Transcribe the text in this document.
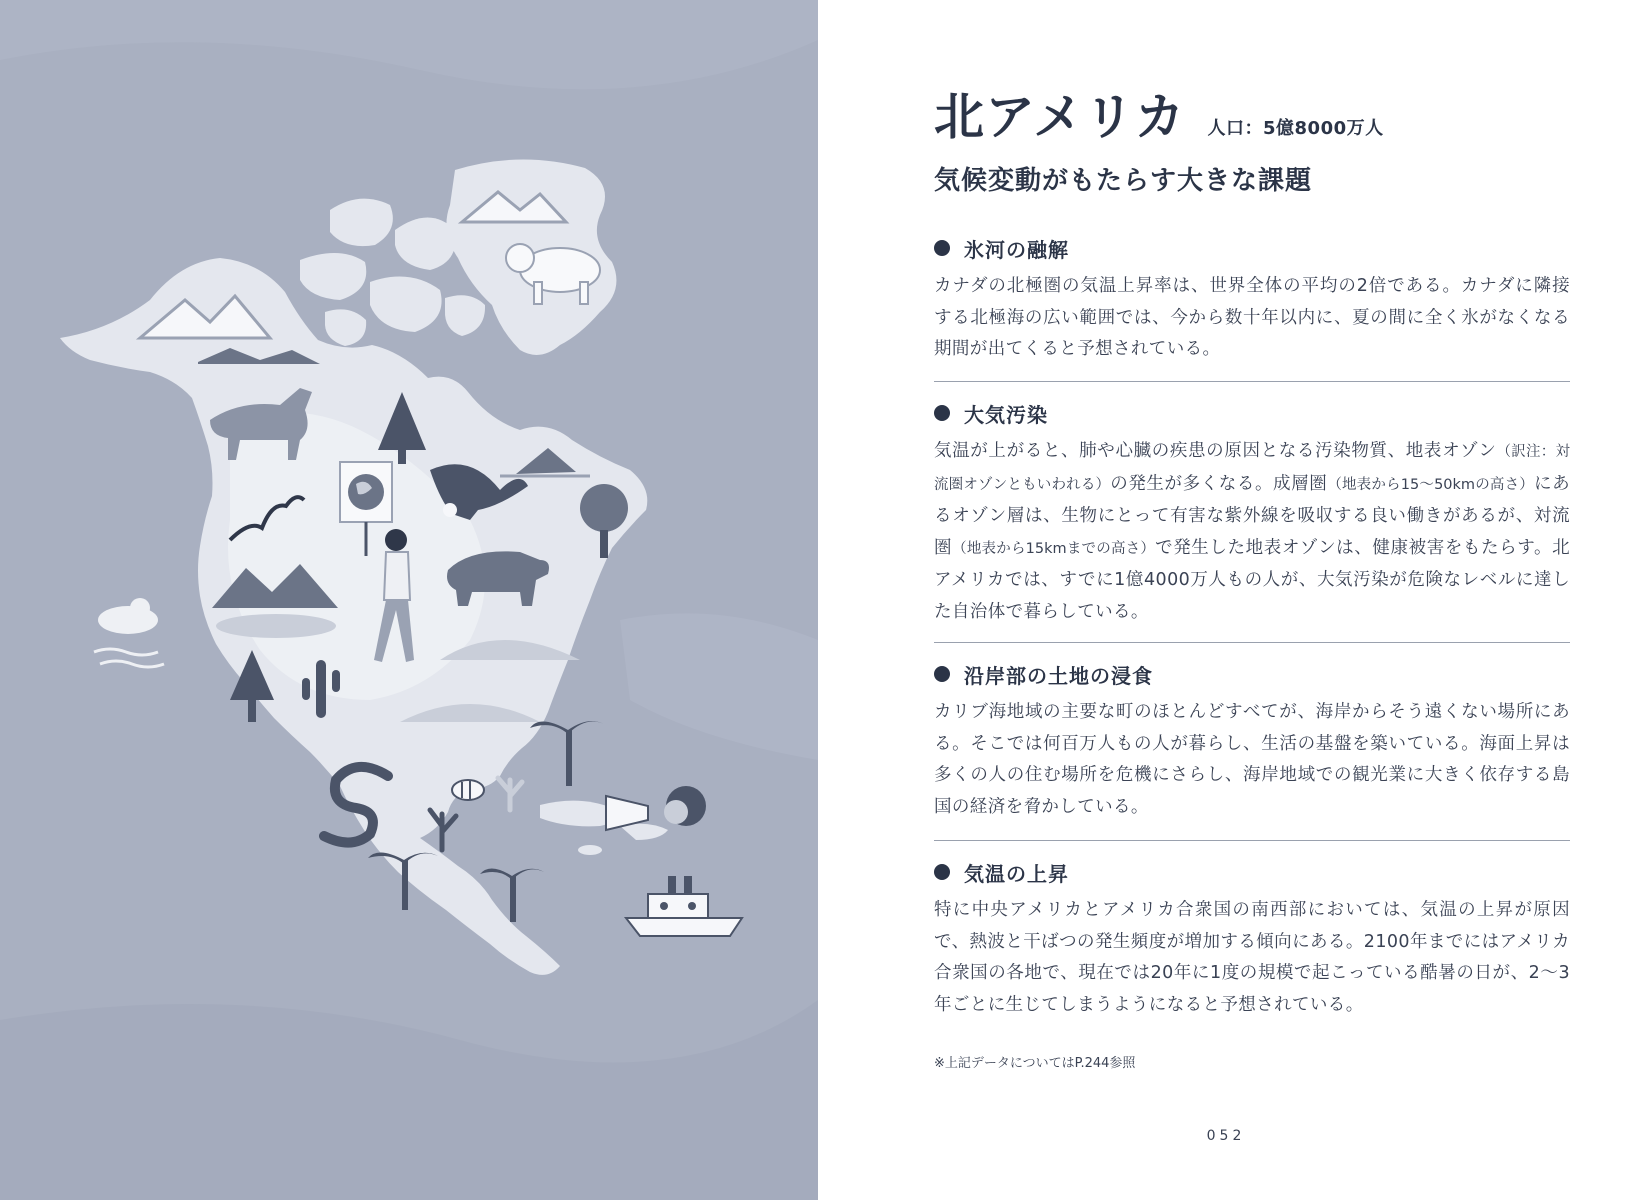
北アメリカ 人口：5億8000万人
気候変動がもたらす大きな課題
氷河の融解
カナダの北極圏の気温上昇率は、世界全体の平均の2倍である。カナダに隣接する北極海の広い範囲では、今から数十年以内に、夏の間に全く氷がなくなる期間が出てくると予想されている。
大気汚染
気温が上がると、肺や心臓の疾患の原因となる汚染物質、地表オゾン（訳注：対流圏オゾンともいわれる）の発生が多くなる。成層圏（地表から15～50kmの高さ）にあるオゾン層は、生物にとって有害な紫外線を吸収する良い働きがあるが、対流圏（地表から15kmまでの高さ）で発生した地表オゾンは、健康被害をもたらす。北アメリカでは、すでに1億4000万人もの人が、大気汚染が危険なレベルに達した自治体で暮らしている。
沿岸部の土地の浸食
カリブ海地域の主要な町のほとんどすべてが、海岸からそう遠くない場所にある。そこでは何百万人もの人が暮らし、生活の基盤を築いている。海面上昇は多くの人の住む場所を危機にさらし、海岸地域での観光業に大きく依存する島国の経済を脅かしている。
気温の上昇
特に中央アメリカとアメリカ合衆国の南西部においては、気温の上昇が原因で、熱波と干ばつの発生頻度が増加する傾向にある。2100年までにはアメリカ合衆国の各地で、現在では20年に1度の規模で起こっている酷暑の日が、2〜3年ごとに生じてしまうようになると予想されている。
※上記データについてはP.244参照
052
